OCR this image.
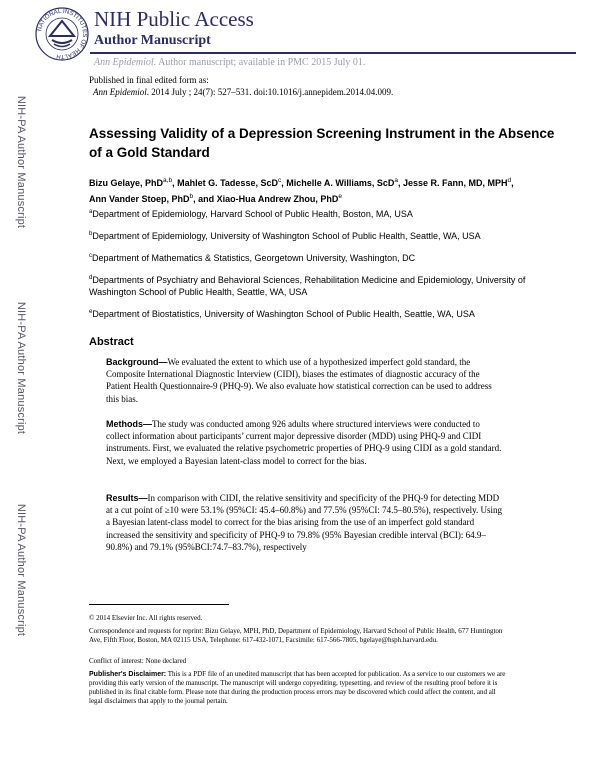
NATIONAL INSTITUTES OF HEALTH
NIH Public Access
Author Manuscript
Ann Epidemiol. Author manuscript; available in PMC 2015 July 01.
NIH-PA Author Manuscript
NIH-PA Author Manuscript
NIH-PA Author Manuscript
Published in final edited form as:
Ann Epidemiol. 2014 July ; 24(7): 527–531. doi:10.1016/j.annepidem.2014.04.009.
Assessing Validity of a Depression Screening Instrument in the Absence of a Gold Standard
Bizu Gelaye, PhD$^{a,b}$, Mahlet G. Tadesse, ScD$^c$, Michelle A. Williams, ScD$^a$, Jesse R. Fann, MD, MPH$^d$, Ann Vander Stoep, PhD$^b$, and Xiao-Hua Andrew Zhou, PhD$^e$
$^a$Department of Epidemiology, Harvard School of Public Health, Boston, MA, USA
$^b$Department of Epidemiology, University of Washington School of Public Health, Seattle, WA, USA
$^c$Department of Mathematics & Statistics, Georgetown University, Washington, DC
$^d$Departments of Psychiatry and Behavioral Sciences, Rehabilitation Medicine and Epidemiology, University of Washington School of Public Health, Seattle, WA, USA
$^e$Department of Biostatistics, University of Washington School of Public Health, Seattle, WA, USA
Abstract
Background—We evaluated the extent to which use of a hypothesized imperfect gold standard, the Composite International Diagnostic Interview (CIDI), biases the estimates of diagnostic accuracy of the Patient Health Questionnaire-9 (PHQ-9). We also evaluate how statistical correction can be used to address this bias.
Methods—The study was conducted among 926 adults where structured interviews were conducted to collect information about participants’ current major depressive disorder (MDD) using PHQ-9 and CIDI instruments. First, we evaluated the relative psychometric properties of PHQ-9 using CIDI as a gold standard. Next, we employed a Bayesian latent-class model to correct for the bias.
Results—In comparison with CIDI, the relative sensitivity and specificity of the PHQ-9 for detecting MDD at a cut point of ≥10 were 53.1% (95%CI: 45.4–60.8%) and 77.5% (95%CI: 74.5–80.5%), respectively. Using a Bayesian latent-class model to correct for the bias arising from the use of an imperfect gold standard increased the sensitivity and specificity of PHQ-9 to 79.8% (95% Bayesian credible interval (BCI): 64.9–90.8%) and 79.1% (95%BCI:74.7–83.7%), respectively
© 2014 Elsevier Inc. All rights reserved.
Correspondence and requests for reprint: Bizu Gelaye, MPH, PhD, Department of Epidemiology, Harvard School of Public Health, 677 Huntington Ave, Fifth Floor, Boston, MA 02115 USA, Telephone: 617-432-1071, Facsimile: 617-566-7805, bgelaye@hsph.harvard.edu.
Conflict of interest: None declared
Publisher's Disclaimer: This is a PDF file of an unedited manuscript that has been accepted for publication. As a service to our customers we are providing this early version of the manuscript. The manuscript will undergo copyediting, typesetting, and review of the resulting proof before it is published in its final citable form. Please note that during the production process errors may be discovered which could affect the content, and all legal disclaimers that apply to the journal pertain.
